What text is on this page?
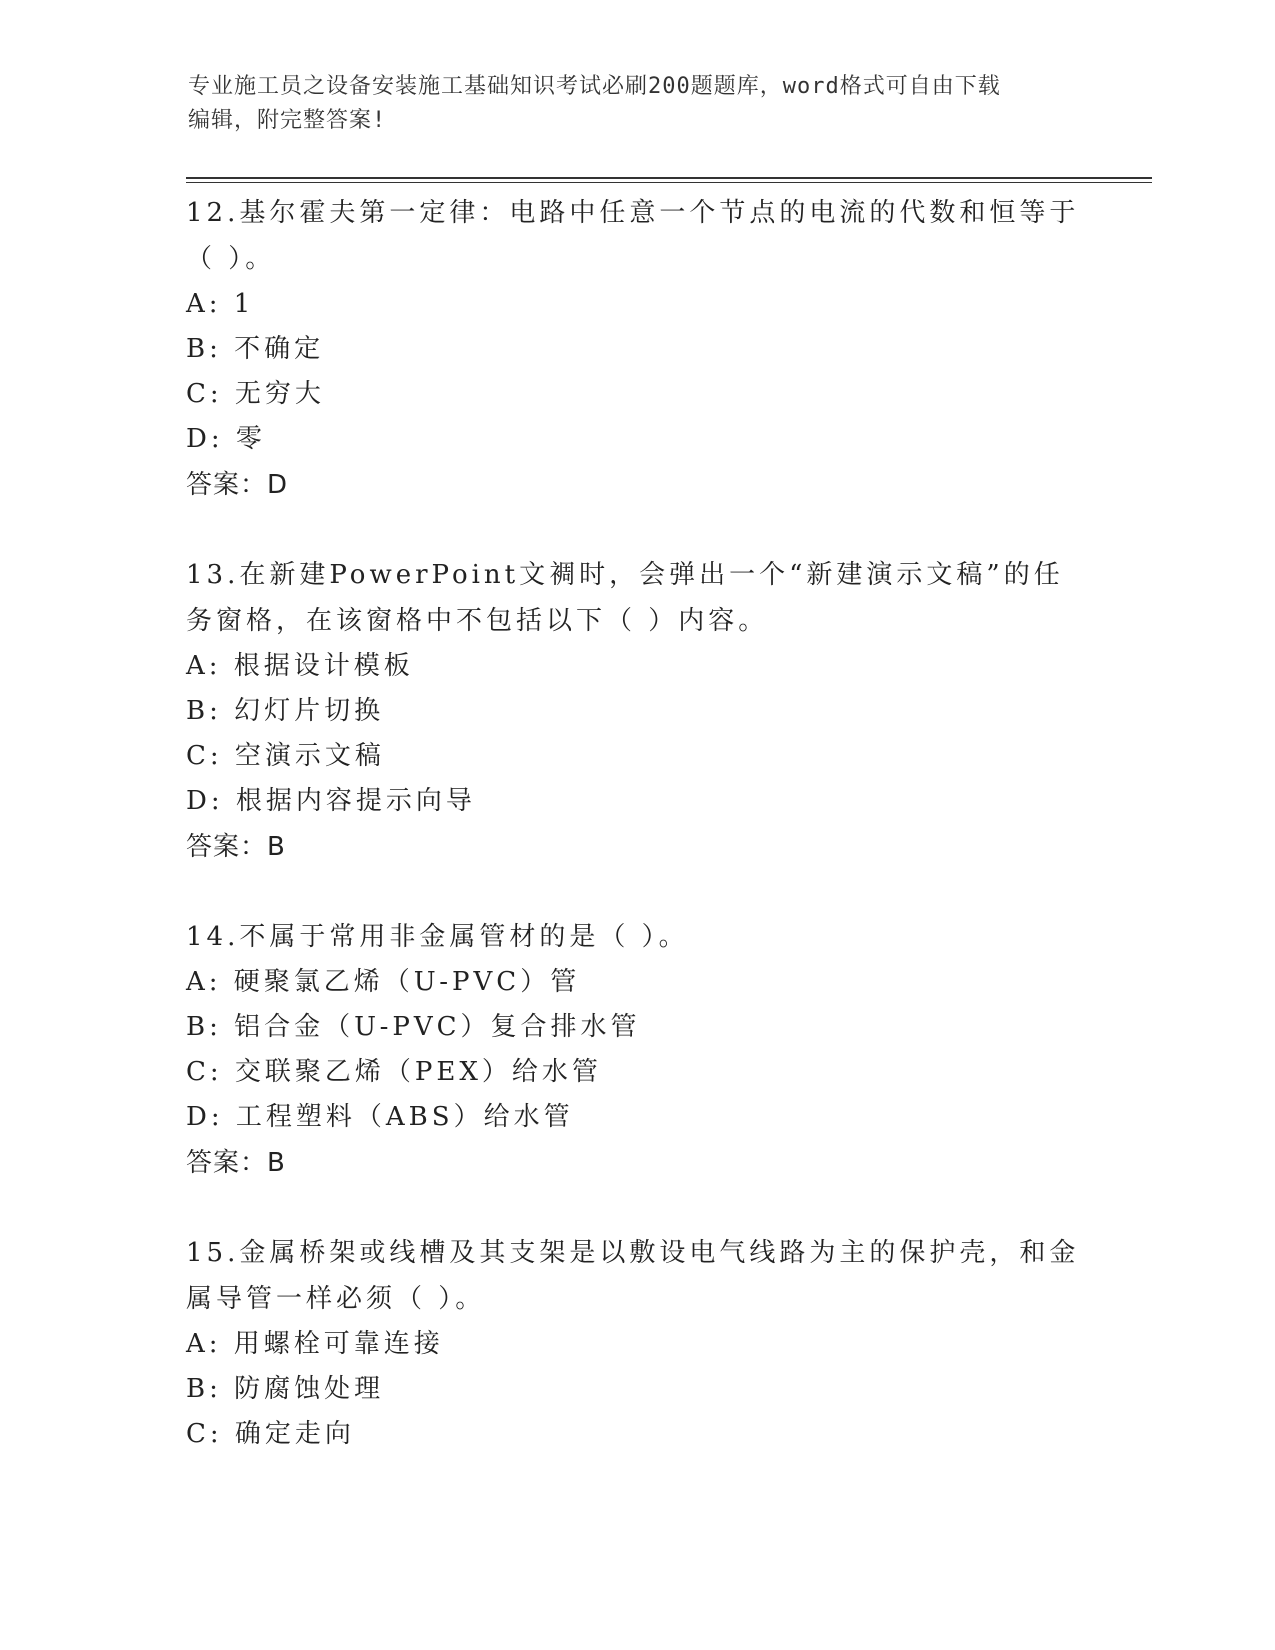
专业施工员之设备安装施工基础知识考试必刷200题题库，word格式可自由下载
编辑，附完整答案!
12.基尔霍夫第一定律：电路中任意一个节点的电流的代数和恒等于（ ）。
A: 1
B: 不确定
C: 无穷大
D: 零
答案：D
13.在新建PowerPoint文裯时，会弹出一个“新建演示文稿”的任务窗格，在该窗格中不包括以下（ ）内容。
A: 根据设计模板
B: 幻灯片切换
C: 空演示文稿
D: 根据内容提示向导
答案：B
14.不属于常用非金属管材的是（ ）。
A: 硬聚氯乙烯（U-PVC）管
B: 铝合金（U-PVC）复合排水管
C: 交联聚乙烯（PEX）给水管
D: 工程塑料（ABS）给水管
答案：B
15.金属桥架或线槽及其支架是以敷设电气线路为主的保护壳，和金属导管一样必须（ ）。
A: 用螺栓可靠连接
B: 防腐蚀处理
C: 确定走向
